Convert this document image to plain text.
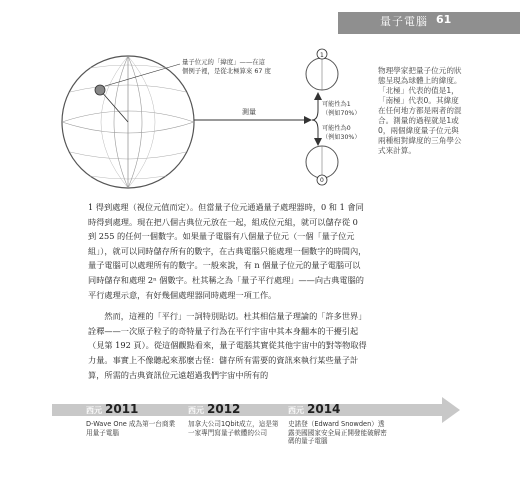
量子電腦 61
量子位元的「緯度」——在這
個例子裡，是從北極算來 67 度
測量
1
0
可能性為1
（例如70%）
可能性為0
（例如30%）
物理學家把量子位元的狀態呈現為球體上的緯度。「北極」代表的值是1，「南極」代表0。其緯度在任何地方都是兩者的混合。測量的過程就是1或0，兩個緯度量子位元與兩種相對緯度的三角學公式來計算。

1 得到處理（視位元值而定）。但當量子位元通過量子處理器時，0 和 1 會同時得到處理。現在把八個古典位元放在一起，組成位元組，就可以儲存從 0 到 255 的任何一個數字。如果量子電腦有八個量子位元（一個「量子位元組」），就可以同時儲存所有的數字，在古典電腦只能處理一個數字的時間內，量子電腦可以處理所有的數字。一般來說，有 n 個量子位元的量子電腦可以同時儲存和處理 2ⁿ 個數字。杜其稱之為「量子平行處理」——向古典電腦的平行處理示意，有好幾個處理器同時處理一項工作。

然而，這裡的「平行」一詞特別貼切。杜其相信量子理論的「許多世界」詮釋——一次原子粒子的奇特量子行為在平行宇宙中其本身翻本的干擾引起（見第 192 頁）。從這個觀點看來，量子電腦其實從其他宇宙中的對等物取得力量。事實上不像聽起來那麼古怪：儲存所有需要的資訊來執行某些量子計算，所需的古典資訊位元遠超過我們宇宙中所有的

西元 2011
D-Wave One 成為第一台商業用量子電腦
西元 2012
加拿大公司1Qbit成立，這是第一家專門寫量子軟體的公司
西元 2014
史諾登（Edward Snowden）透露美國國家安全局正開發能破解密碼的量子電腦
